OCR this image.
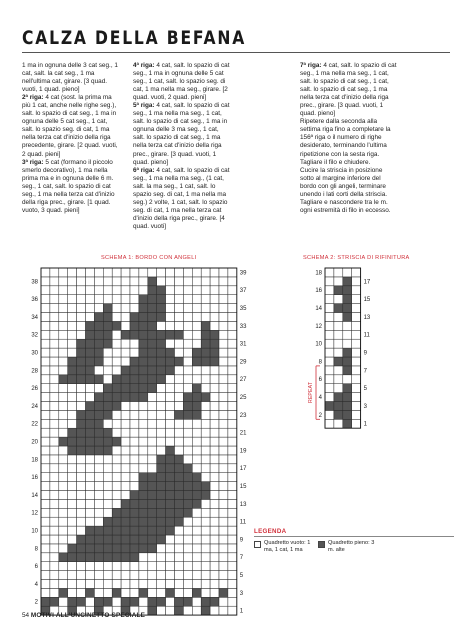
CALZA DELLA BEFANA

1 ma in ognuna delle 3 cat seg., 1 cat, salt. la cat seg., 1 ma nell'ultima cat, girare. [3 quad. vuoti, 1 quad. pieno]

2ª riga: 4 cat (sost. la prima ma più 1 cat, anche nelle righe seg.), salt. lo spazio di cat seg., 1 ma in ognuna delle 5 cat seg., 1 cat, salt. lo spazio seg. di cat, 1 ma nella terza cat d'inizio della riga precedente, girare. [2 quad. vuoti, 2 quad. pieni]

3ª riga: 5 cat (formano il piccolo smerlo decorativo), 1 ma nella prima ma e in ognuna delle 6 m. seg., 1 cat, salt. lo spazio di cat seg., 1 ma nella terza cat d'inizio della riga prec., girare. [1 quad. vuoto, 3 quad. pieni]

4ª riga: 4 cat, salt. lo spazio di cat seg., 1 ma in ognuna delle 5 cat seg., 1 cat, salt. lo spazio seg. di cat, 1 ma nella ma seg., girare. [2 quad. vuoti, 2 quad. pieni]

5ª riga: 4 cat, salt. lo spazio di cat seg., 1 ma nella ma seg., 1 cat, salt. lo spazio di cat seg., 1 ma in ognuna delle 3 ma seg., 1 cat, salt. lo spazio di cat seg., 1 ma nella terza cat d'inizio della riga prec., girare. [3 quad. vuoti, 1 quad. pieno]

6ª riga: 4 cat, salt. lo spazio di cat seg., 1 ma nella ma seg., (1 cat, salt. la ma seg., 1 cat, salt. lo spazio seg. di cat, 1 ma nella ma seg.) 2 volte, 1 cat, salt. lo spazio seg. di cat, 1 ma nella terza cat d'inizio della riga prec., girare. [4 quad. vuoti]

7ª riga: 4 cat, salt. lo spazio di cat seg., 1 ma nella ma seg., 1 cat, salt. lo spazio di cat seg., 1 cat, salt. lo spazio di cat seg., 1 ma nella terza cat d'inizio della riga prec., girare. [3 quad. vuoti, 1 quad. pieno]

Ripetere dalla seconda alla settima riga fino a completare la 156ª riga o il numero di righe desiderato, terminando l'ultima ripetizione con la sesta riga.

Tagliare il filo e chiudere.

Cucire la striscia in posizione sotto al margine inferiore del bordo con gli angeli, terminare unendo i lati corti della striscia. Tagliare e nascondere tra le m. ogni estremità di filo in eccesso.

SCHEMA 1: BORDO CON ANGELI	SCHEMA 2: STRISCIA DI RIFINITURA
38
36
34
32
30
28
26
24
22
20
18
16
14
12
10
8
6
4
2
39
37
35
33
31
29
27
25
23
21
19
17
15
13
11
9
7
5
3
1
18
16
14
12
10
8
6
4
2
17
15
13
11
9
7
5
3
1
REPEAT
LEGENDA
Quadretto vuoto: 1 ma, 1 cat, 1 ma
Quadretto pieno: 3 m. alte
54 MOTIVI ALL'UNCINETTO SPECIALE
